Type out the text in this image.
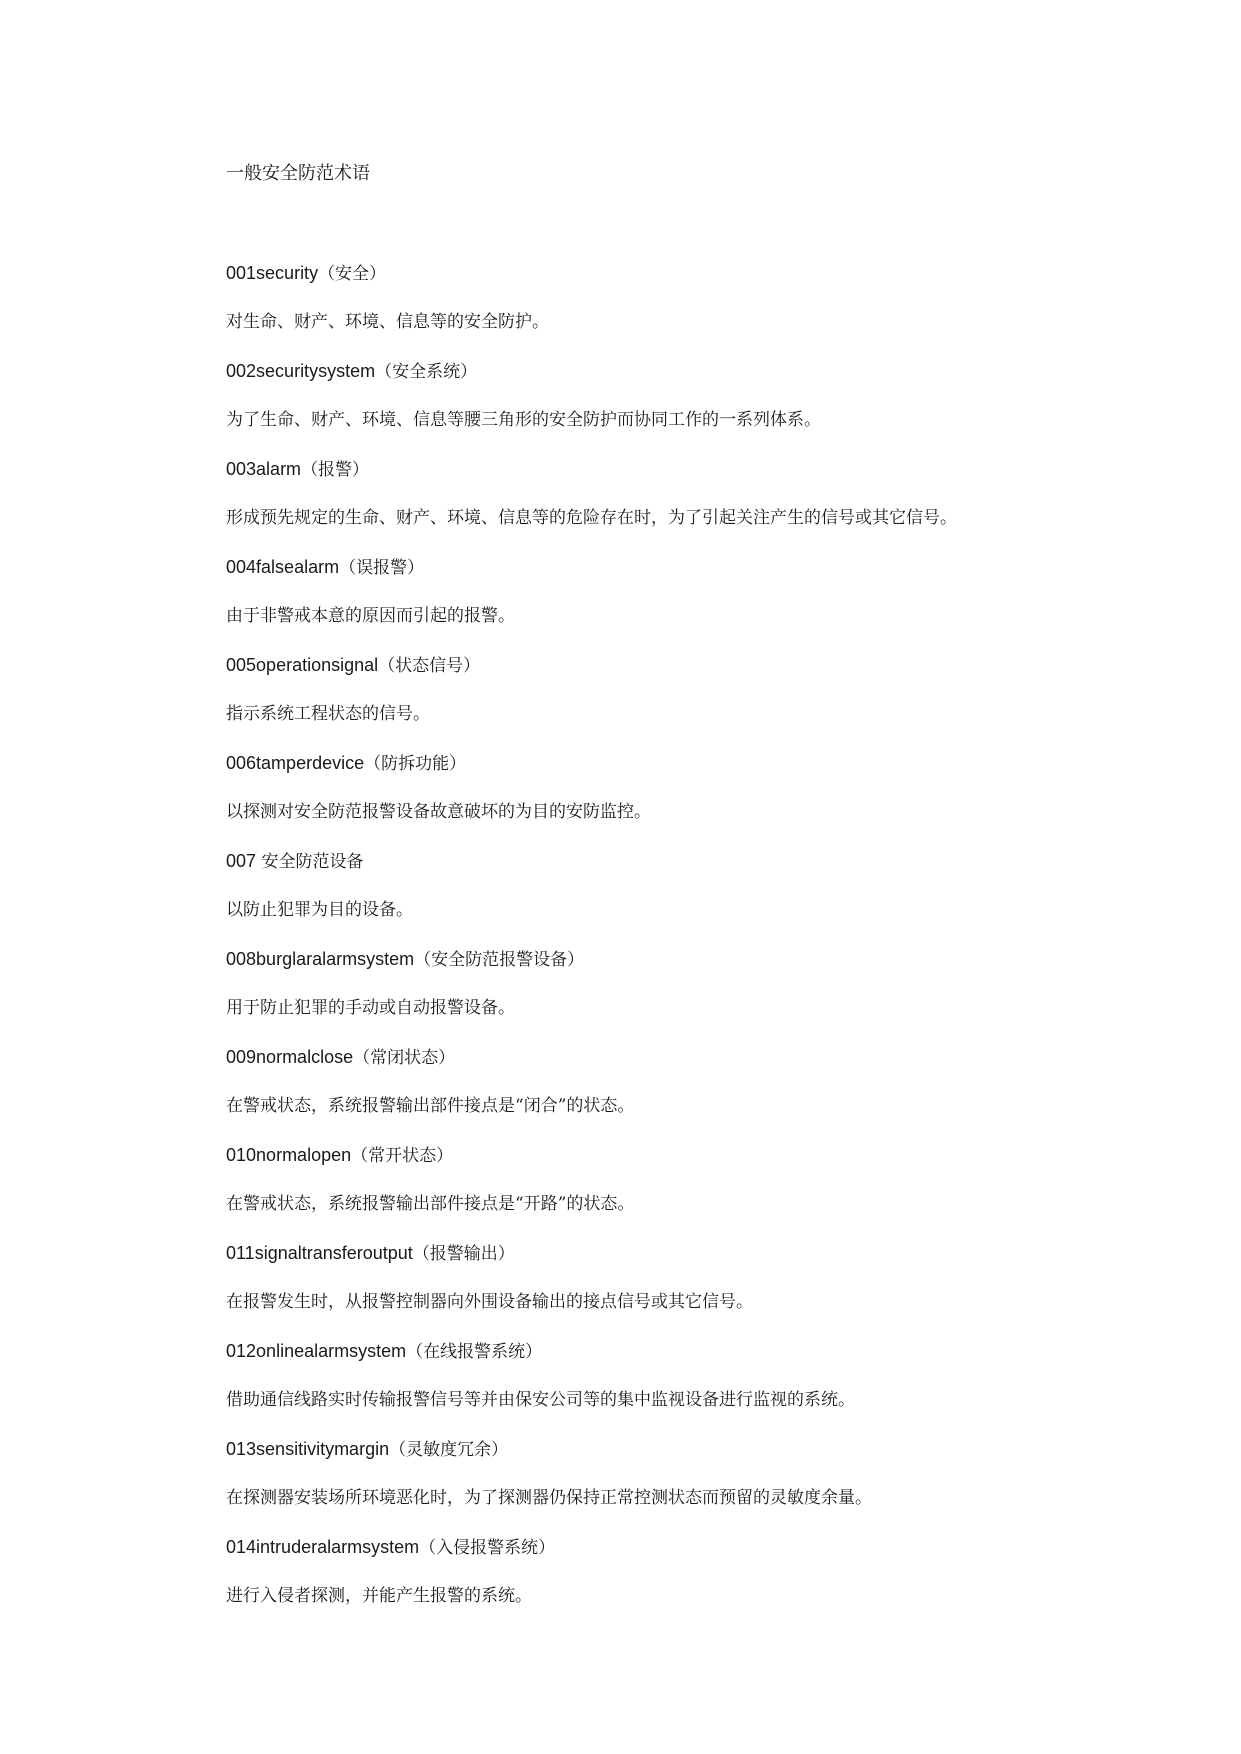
一般安全防范术语
001security（安全）
对生命、财产、环境、信息等的安全防护。
002securitysystem（安全系统）
为了生命、财产、环境、信息等腰三角形的安全防护而协同工作的一系列体系。
003alarm（报警）
形成预先规定的生命、财产、环境、信息等的危险存在时，为了引起关注产生的信号或其它信号。
004falsealarm（误报警）
由于非警戒本意的原因而引起的报警。
005operationsignal（状态信号）
指示系统工程状态的信号。
006tamperdevice（防拆功能）
以探测对安全防范报警设备故意破坏的为目的安防监控。
007 安全防范设备
以防止犯罪为目的设备。
008burglaralarmsystem（安全防范报警设备）
用于防止犯罪的手动或自动报警设备。
009normalclose（常闭状态）
在警戒状态，系统报警输出部件接点是“闭合”的状态。
010normalopen（常开状态）
在警戒状态，系统报警输出部件接点是“开路”的状态。
011signaltransferoutput（报警输出）
在报警发生时，从报警控制器向外围设备输出的接点信号或其它信号。
012onlinealarmsystem（在线报警系统）
借助通信线路实时传输报警信号等并由保安公司等的集中监视设备进行监视的系统。
013sensitivitymargin（灵敏度冗余）
在探测器安装场所环境恶化时，为了探测器仍保持正常控测状态而预留的灵敏度余量。
014intruderalarmsystem（入侵报警系统）
进行入侵者探测，并能产生报警的系统。
